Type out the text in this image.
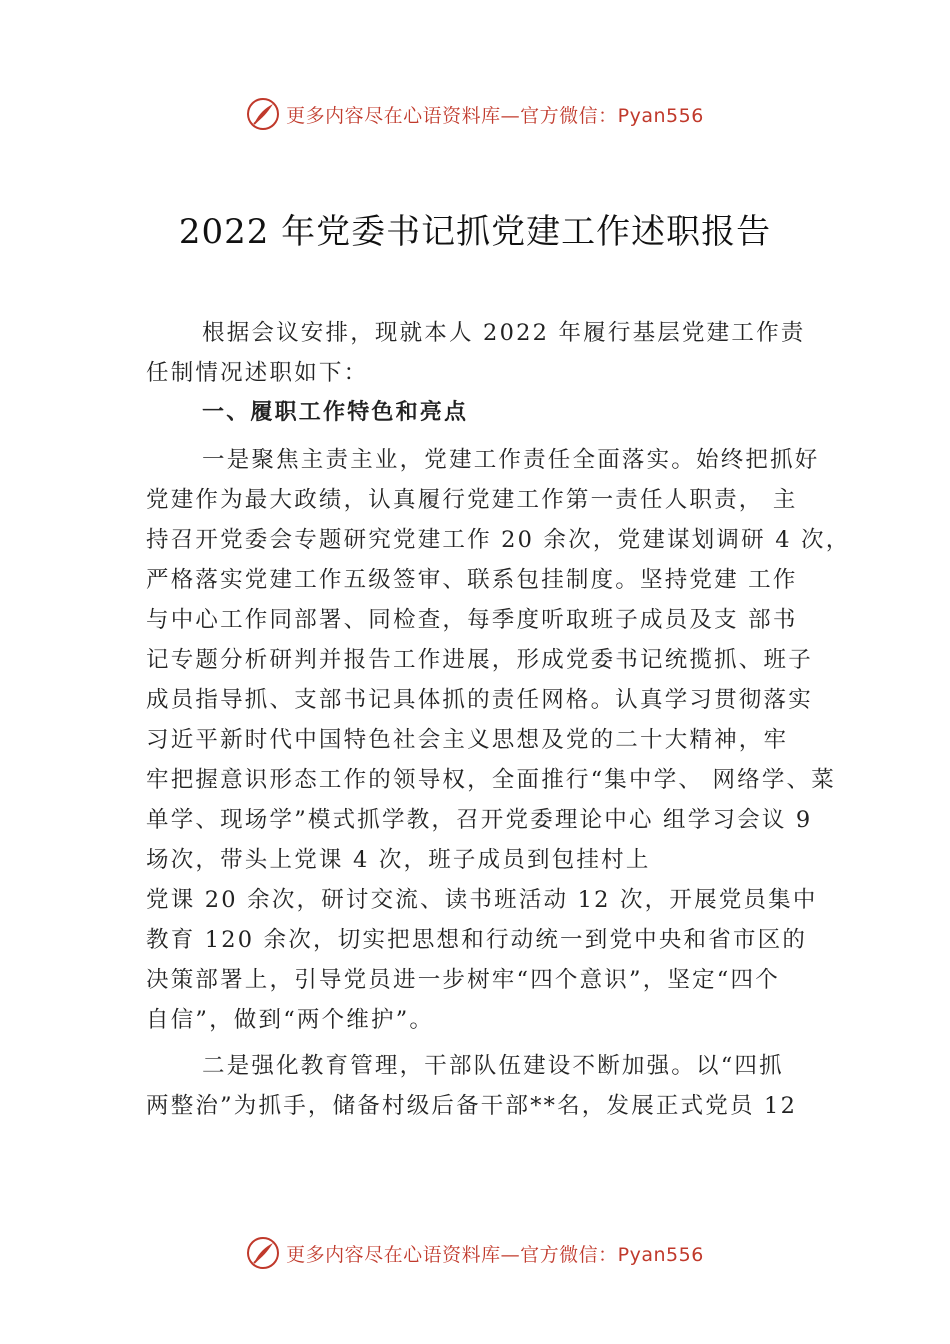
更多内容尽在心语资料库—官方微信：Pyan556
2022 年党委书记抓党建工作述职报告
根据会议安排，现就本人 2022 年履行基层党建工作责
任制情况述职如下：
一、履职工作特色和亮点
一是聚焦主责主业，党建工作责任全面落实。始终把抓好
党建作为最大政绩，认真履行党建工作第一责任人职责， 主
持召开党委会专题研究党建工作 20 余次，党建谋划调研 4 次，
严格落实党建工作五级签审、联系包挂制度。坚持党建 工作
与中心工作同部署、同检查，每季度听取班子成员及支 部书
记专题分析研判并报告工作进展，形成党委书记统揽抓、班子
成员指导抓、支部书记具体抓的责任网格。认真学习贯彻落实
习近平新时代中国特色社会主义思想及党的二十大精神，牢
牢把握意识形态工作的领导权，全面推行“集中学、 网络学、菜
单学、现场学”模式抓学教，召开党委理论中心 组学习会议 9
场次，带头上党课 4 次，班子成员到包挂村上
党课 20 余次，研讨交流、读书班活动 12 次，开展党员集中
教育 120 余次，切实把思想和行动统一到党中央和省市区的
决策部署上，引导党员进一步树牢“四个意识”，坚定“四个
自信”，做到“两个维护”。
二是强化教育管理，干部队伍建设不断加强。以“四抓
两整治”为抓手，储备村级后备干部**名，发展正式党员 12
更多内容尽在心语资料库—官方微信：Pyan556
